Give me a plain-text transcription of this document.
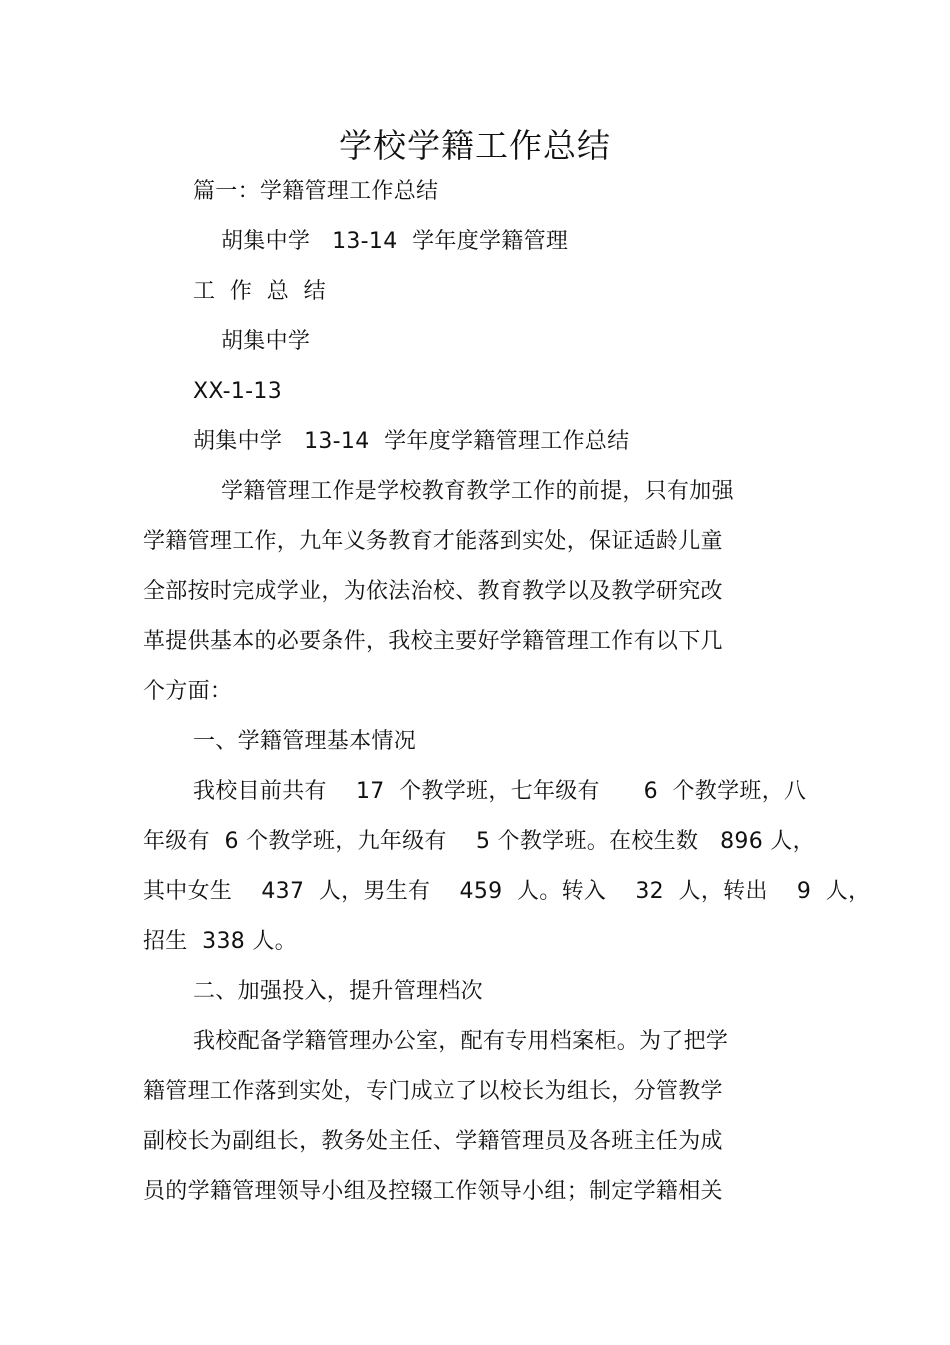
学校学籍工作总结
篇一：学籍管理工作总结
胡集中学   13-14  学年度学籍管理
工  作  总  结
胡集中学
XX-1-13
胡集中学   13-14  学年度学籍管理工作总结
学籍管理工作是学校教育教学工作的前提，只有加强
学籍管理工作，九年义务教育才能落到实处，保证适龄儿童
全部按时完成学业，为依法治校、教育教学以及教学研究改
革提供基本的必要条件，我校主要好学籍管理工作有以下几
个方面：
一、学籍管理基本情况
我校目前共有    17  个教学班，七年级有      6  个教学班，八
年级有  6 个教学班，九年级有    5 个教学班。在校生数   896 人，
其中女生    437  人，男生有    459  人。转入    32  人，转出    9  人，
招生  338 人。
二、加强投入，提升管理档次
我校配备学籍管理办公室，配有专用档案柜。为了把学
籍管理工作落到实处，专门成立了以校长为组长，分管教学
副校长为副组长，教务处主任、学籍管理员及各班主任为成
员的学籍管理领导小组及控辍工作领导小组；制定学籍相关
